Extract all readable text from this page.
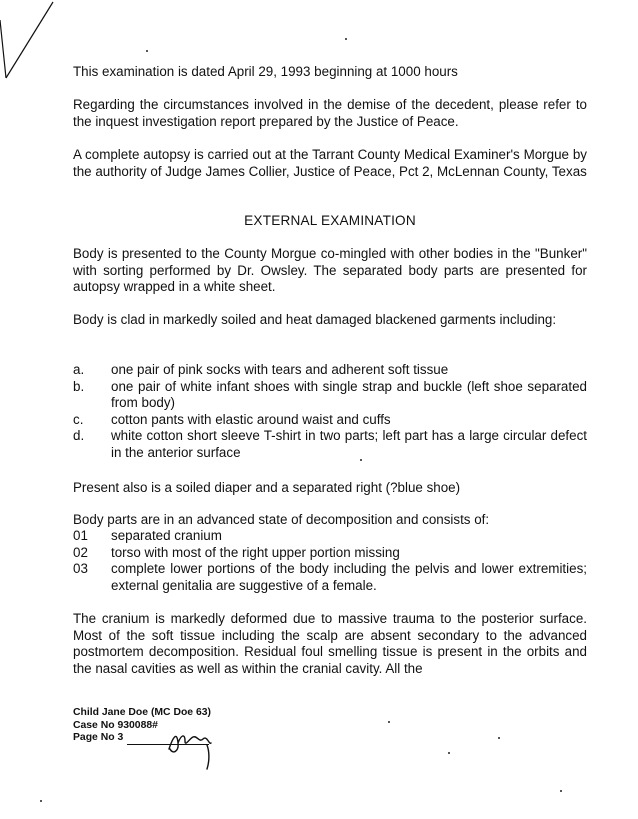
This examination is dated April 29, 1993 beginning at 1000 hours
Regarding the circumstances involved in the demise of the decedent, please refer to the inquest investigation report prepared by the Justice of Peace.
A complete autopsy is carried out at the Tarrant County Medical Examiner's Morgue by the authority of Judge James Collier, Justice of Peace, Pct 2, McLennan County, Texas
EXTERNAL EXAMINATION
Body is presented to the County Morgue co-mingled with other bodies in the "Bunker" with sorting performed by Dr. Owsley. The separated body parts are presented for autopsy wrapped in a white sheet.
Body is clad in markedly soiled and heat damaged blackened garments including:
a.	one pair of pink socks with tears and adherent soft tissue
b.	one pair of white infant shoes with single strap and buckle (left shoe separated from body)
c.	cotton pants with elastic around waist and cuffs
d.	white cotton short sleeve T-shirt in two parts; left part has a large circular defect in the anterior surface
Present also is a soiled diaper and a separated right (?blue shoe)
Body parts are in an advanced state of decomposition and consists of:
01	separated cranium
02	torso with most of the right upper portion missing
03	complete lower portions of the body including the pelvis and lower extremities; external genitalia are suggestive of a female.
The cranium is markedly deformed due to massive trauma to the posterior surface. Most of the soft tissue including the scalp are absent secondary to the advanced postmortem decomposition. Residual foul smelling tissue is present in the orbits and the nasal cavities as well as within the cranial cavity. All the
Child Jane Doe (MC Doe 63)
Case No 930088#
Page No 3
